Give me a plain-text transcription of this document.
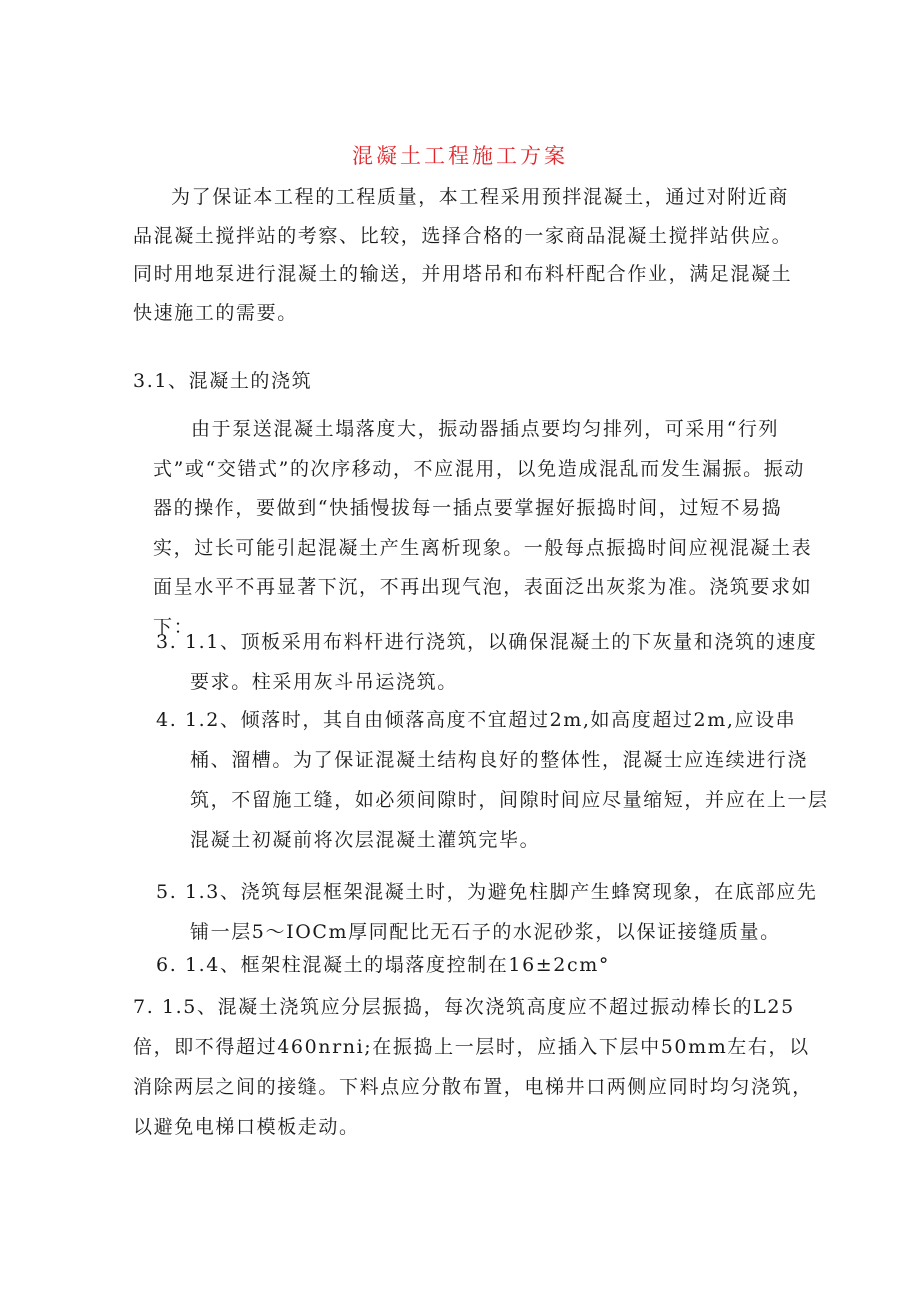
混凝土工程施工方案

为了保证本工程的工程质量，本工程采用预拌混凝土，通过对附近商品混凝土搅拌站的考察、比较，选择合格的一家商品混凝土搅拌站供应。同时用地泵进行混凝土的输送，并用塔吊和布料杆配合作业，满足混凝土快速施工的需要。

3.1、混凝土的浇筑

由于泵送混凝土塌落度大，振动器插点要均匀排列，可采用“行列式”或“交错式”的次序移动，不应混用，以免造成混乱而发生漏振。振动器的操作，要做到“快插慢拔每一插点要掌握好振捣时间，过短不易捣实，过长可能引起混凝土产生离析现象。一般每点振捣时间应视混凝土表面呈水平不再显著下沉，不再出现气泡，表面泛出灰浆为准。浇筑要求如下：

3. 1.1、顶板采用布料杆进行浇筑，以确保混凝土的下灰量和浇筑的速度要求。柱采用灰斗吊运浇筑。

4. 1.2、倾落时，其自由倾落高度不宜超过2m,如高度超过2m,应设串桶、溜槽。为了保证混凝土结构良好的整体性，混凝士应连续进行浇筑，不留施工缝，如必须间隙时，间隙时间应尽量缩短，并应在上一层混凝土初凝前将次层混凝土灌筑完毕。

5. 1.3、浇筑每层框架混凝土时，为避免柱脚产生蜂窝现象，在底部应先铺一层5～IOCm厚同配比无石子的水泥砂浆，以保证接缝质量。

6. 1.4、框架柱混凝土的塌落度控制在16±2cm°

7. 1.5、混凝土浇筑应分层振捣，每次浇筑高度应不超过振动棒长的L25倍，即不得超过460nrni;在振捣上一层时，应插入下层中50mm左右，以消除两层之间的接缝。下料点应分散布置，电梯井口两侧应同时均匀浇筑，以避免电梯口模板走动。
